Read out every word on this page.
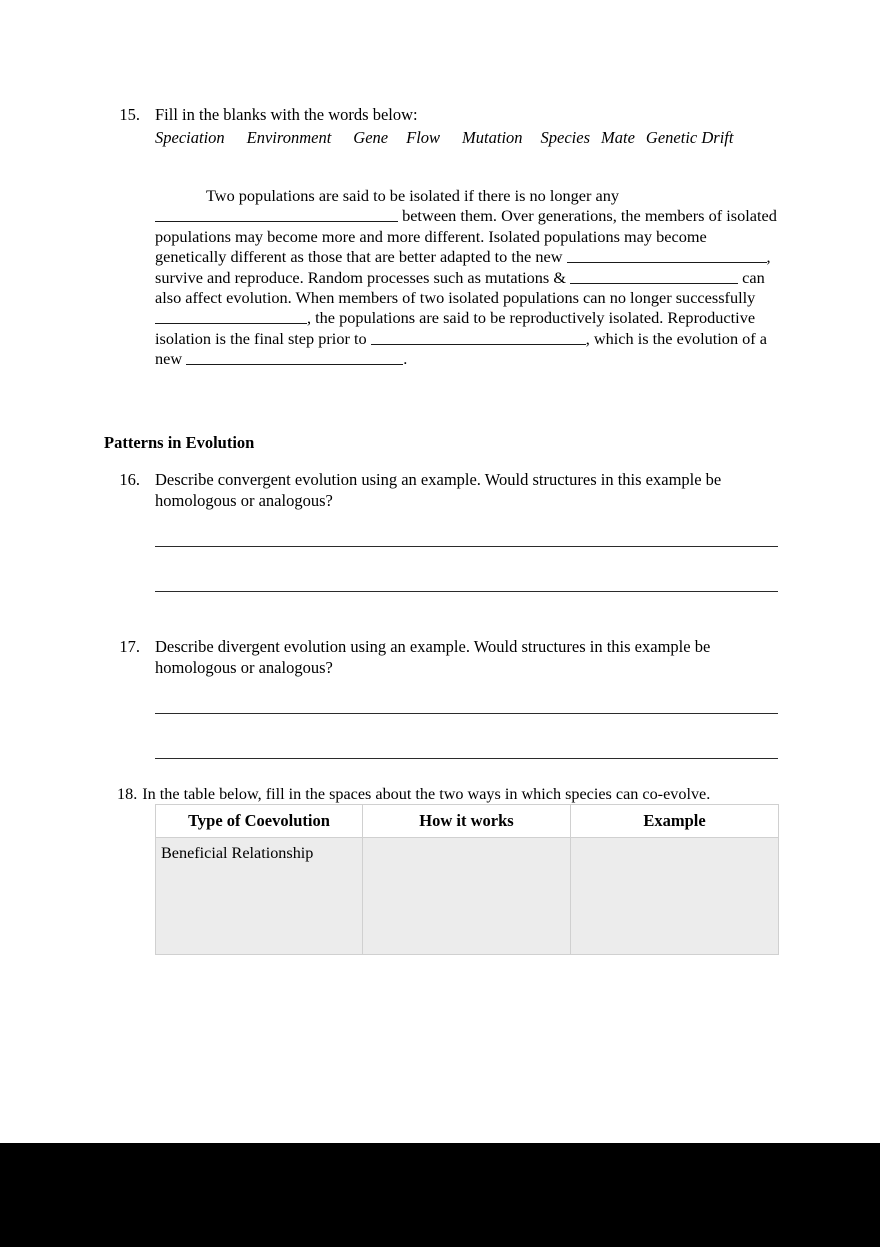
15. Fill in the blanks with the words below:
Speciation Environment Gene Flow Mutation Species Mate Genetic Drift

Two populations are said to be isolated if there is no longer any  between them. Over generations, the members of isolated populations may become more and more different. Isolated populations may become genetically different as those that are better adapted to the new	, survive and reproduce. Random processes such as mutations &	can also affect evolution. When members of two isolated populations can no longer successfully , the populations are said to be reproductively isolated. Reproductive isolation is the final step prior to	, which is the evolution of a new	.

Patterns in Evolution
16. Describe convergent evolution using an example. Would structures in this example be homologous or analogous?
17. Describe divergent evolution using an example. Would structures in this example be homologous or analogous?
18. In the table below, fill in the spaces about the two ways in which species can co-evolve.
Type of Coevolution	How it works	Example
Beneficial Relationship		
